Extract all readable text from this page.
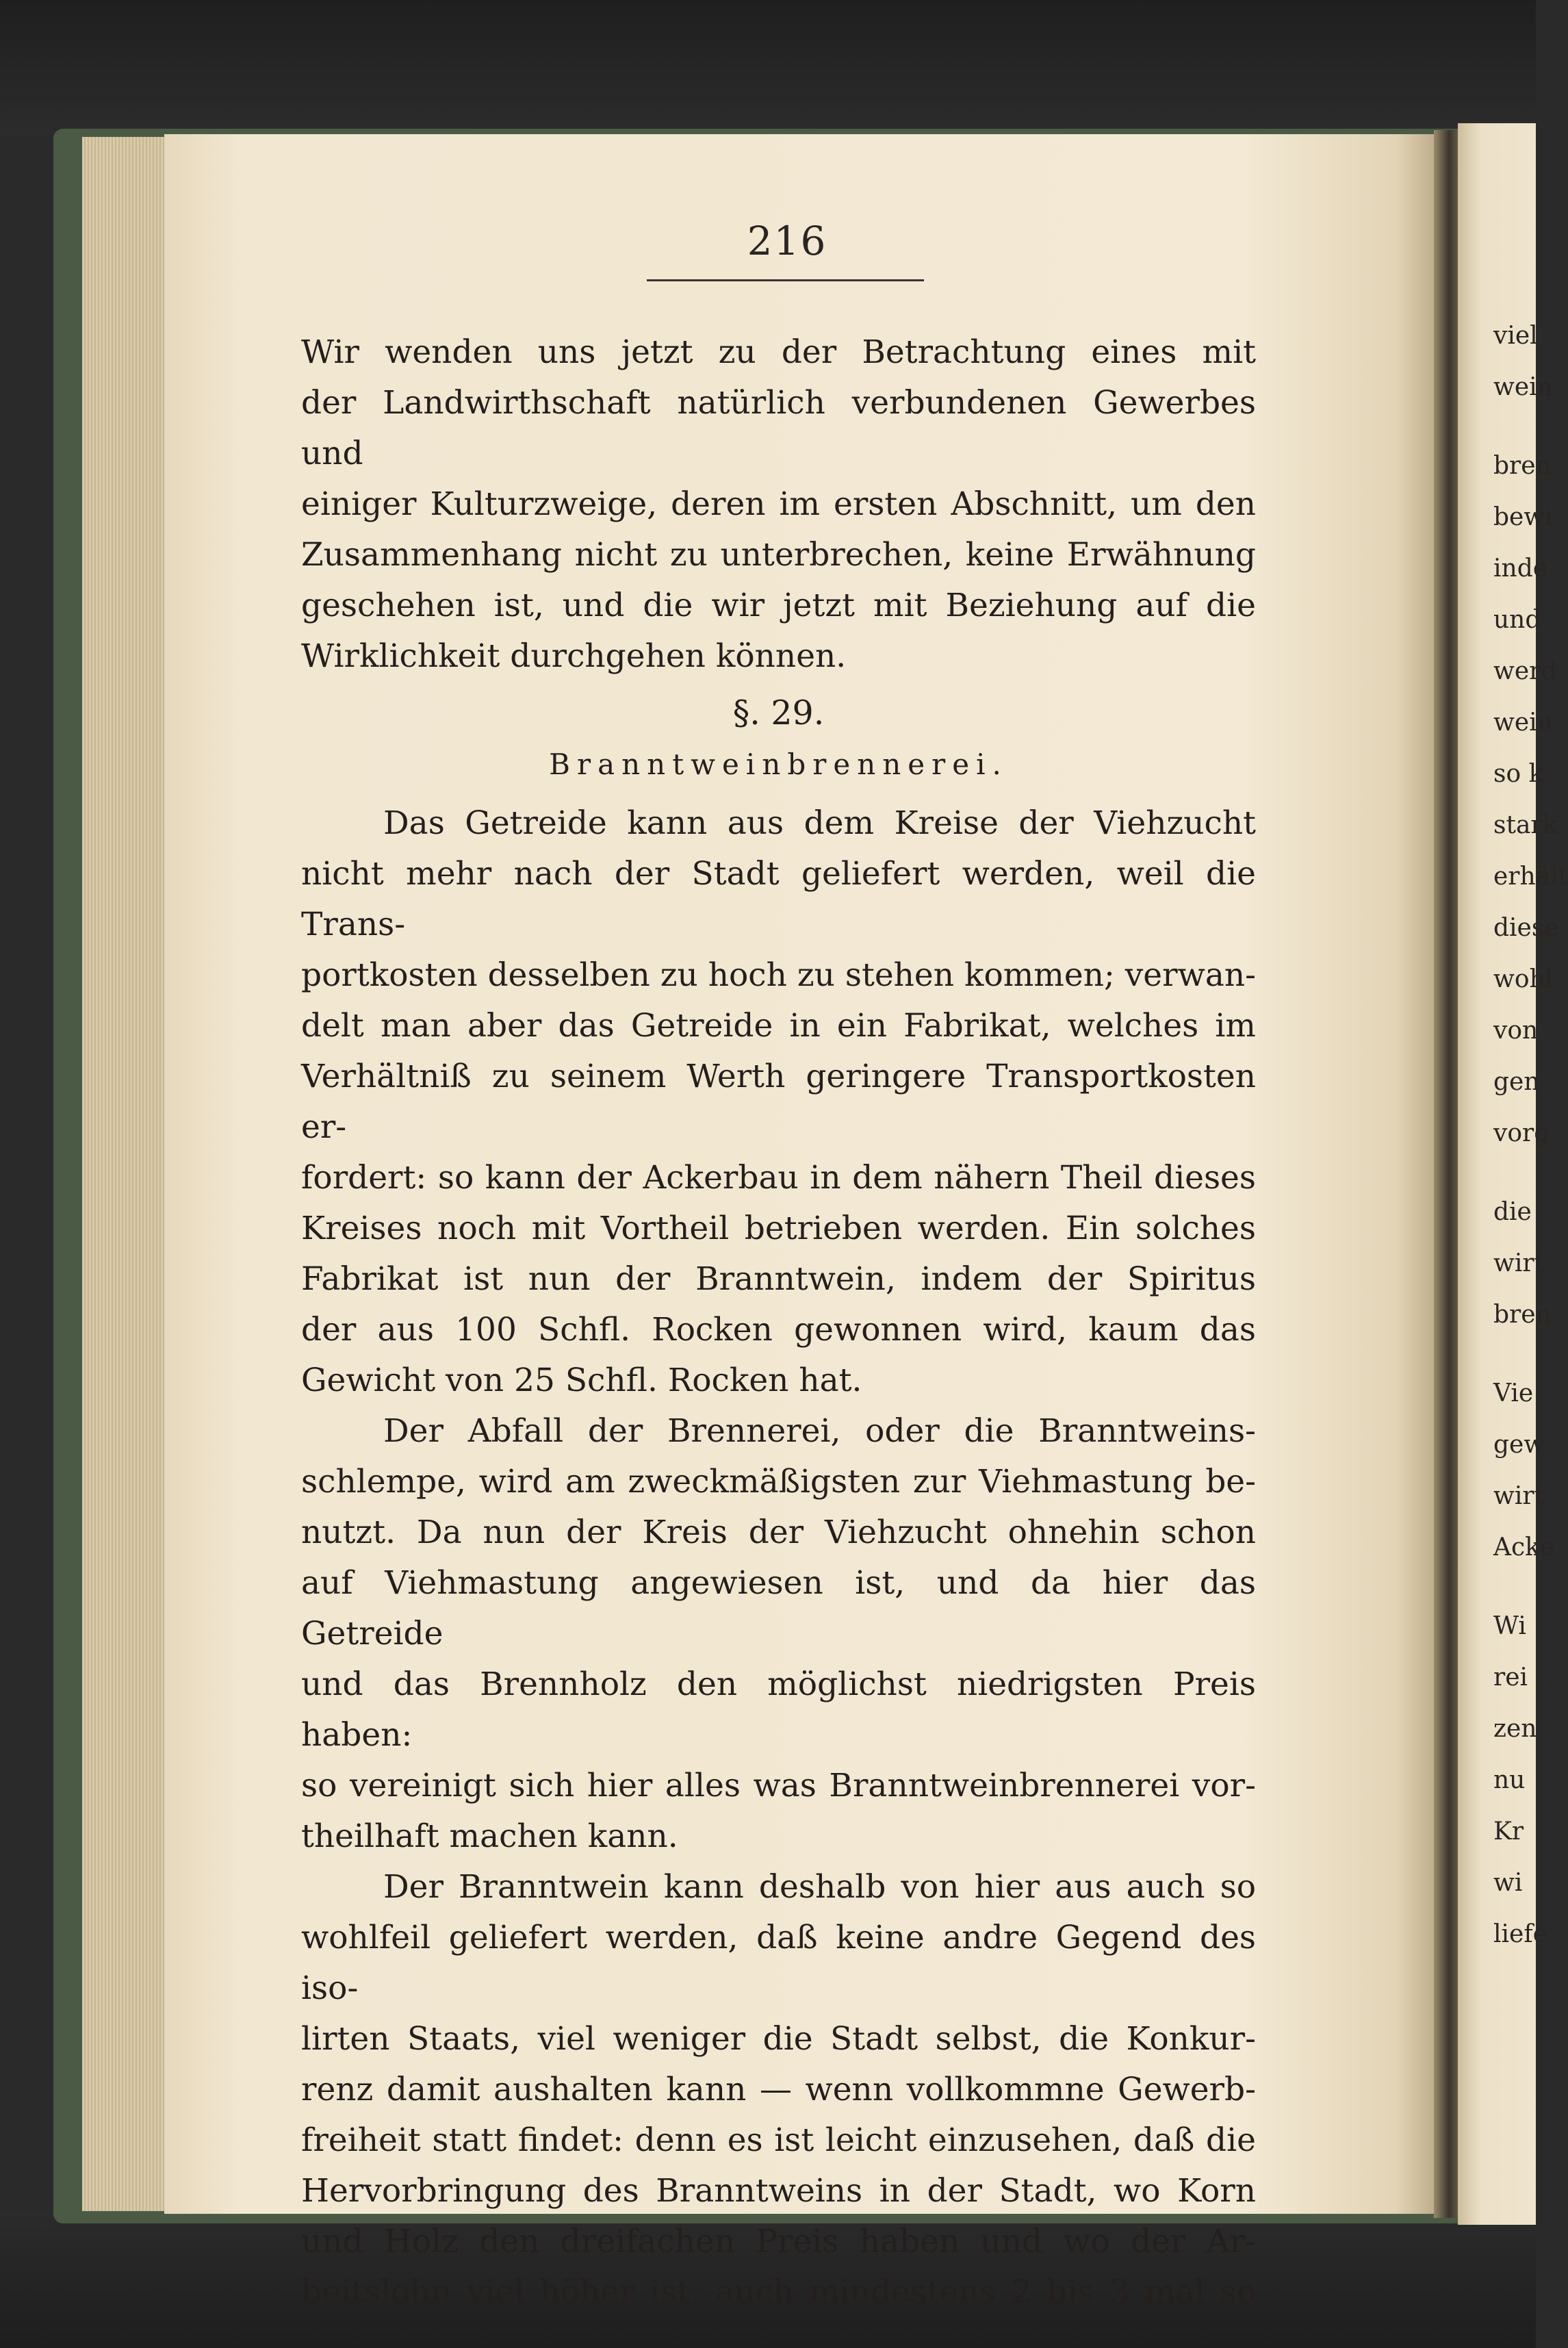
216

Wir wenden uns jetzt zu der Betrachtung eines mit

der Landwirthschaft natürlich verbundenen Gewerbes und

einiger Kulturzweige, deren im ersten Abschnitt, um den

Zusammenhang nicht zu unterbrechen, keine Erwähnung

geschehen ist, und die wir jetzt mit Beziehung auf die

Wirklichkeit durchgehen können.

§. 29.
Branntweinbrennerei.

Das Getreide kann aus dem Kreise der Viehzucht

nicht mehr nach der Stadt geliefert werden, weil die Trans-

portkosten desselben zu hoch zu stehen kommen; verwan-

delt man aber das Getreide in ein Fabrikat, welches im

Verhältniß zu seinem Werth geringere Transportkosten er-

fordert: so kann der Ackerbau in dem nähern Theil dieses

Kreises noch mit Vortheil betrieben werden. Ein solches

Fabrikat ist nun der Branntwein, indem der Spiritus

der aus 100 Schfl. Rocken gewonnen wird, kaum das

Gewicht von 25 Schfl. Rocken hat.

Der Abfall der Brennerei, oder die Branntweins-

schlempe, wird am zweckmäßigsten zur Viehmastung be-

nutzt. Da nun der Kreis der Viehzucht ohnehin schon

auf Viehmastung angewiesen ist, und da hier das Getreide

und das Brennholz den möglichst niedrigsten Preis haben:

so vereinigt sich hier alles was Branntweinbrennerei vor-

theilhaft machen kann.

Der Branntwein kann deshalb von hier aus auch so

wohlfeil geliefert werden, daß keine andre Gegend des iso-

lirten Staats, viel weniger die Stadt selbst, die Konkur-

renz damit aushalten kann — wenn vollkommne Gewerb-

freiheit statt findet: denn es ist leicht einzusehen, daß die

Hervorbringung des Branntweins in der Stadt, wo Korn

und Holz den dreifachen Preis haben und wo der Ar-

beitslohn viel höher ist, auch mindestens 2 bis 3 mal so

viel
wein
bren
bewi
inde
und
werd
wein
so k
stark
erhält
diese
wohl
von
gen
vorg
die
wirt
bren
Vie
gew
wirt
Acke
Wi
rei
zen
nu
Kr
wi
liefe
